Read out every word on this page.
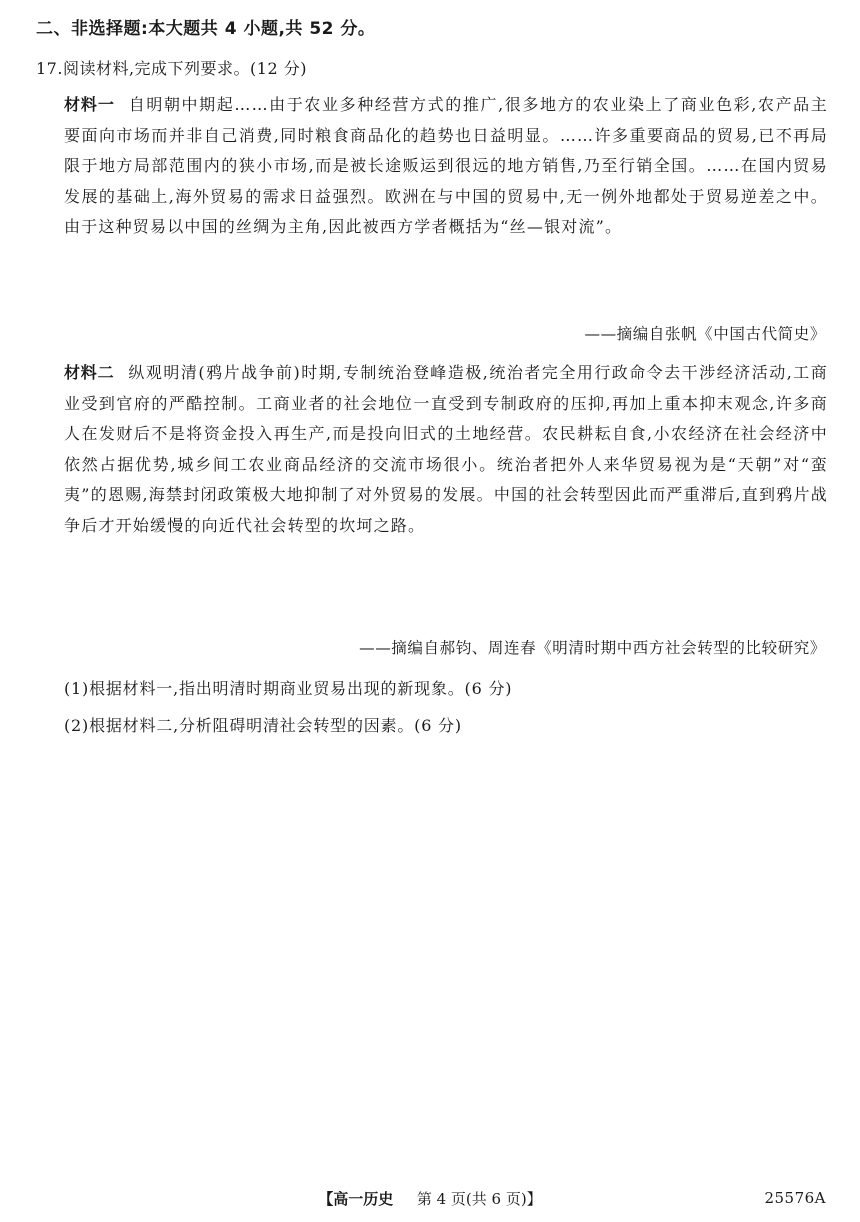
二、非选择题:本大题共 4 小题,共 52 分。
17.阅读材料,完成下列要求。(12 分)
材料一 自明朝中期起……由于农业多种经营方式的推广,很多地方的农业染上了商业色彩,农产品主要面向市场而并非自己消费,同时粮食商品化的趋势也日益明显。……许多重要商品的贸易,已不再局限于地方局部范围内的狭小市场,而是被长途贩运到很远的地方销售,乃至行销全国。……在国内贸易发展的基础上,海外贸易的需求日益强烈。欧洲在与中国的贸易中,无一例外地都处于贸易逆差之中。由于这种贸易以中国的丝绸为主角,因此被西方学者概括为“丝—银对流”。
——摘编自张帆《中国古代简史》
材料二 纵观明清(鸦片战争前)时期,专制统治登峰造极,统治者完全用行政命令去干涉经济活动,工商业受到官府的严酷控制。工商业者的社会地位一直受到专制政府的压抑,再加上重本抑末观念,许多商人在发财后不是将资金投入再生产,而是投向旧式的土地经营。农民耕耘自食,小农经济在社会经济中依然占据优势,城乡间工农业商品经济的交流市场很小。统治者把外人来华贸易视为是“天朝”对“蛮夷”的恩赐,海禁封闭政策极大地抑制了对外贸易的发展。中国的社会转型因此而严重滞后,直到鸦片战争后才开始缓慢的向近代社会转型的坎坷之路。
——摘编自郝钧、周连春《明清时期中西方社会转型的比较研究》
(1)根据材料一,指出明清时期商业贸易出现的新现象。(6 分)
(2)根据材料二,分析阻碍明清社会转型的因素。(6 分)
【高一历史 第 4 页(共 6 页)】	25576A
